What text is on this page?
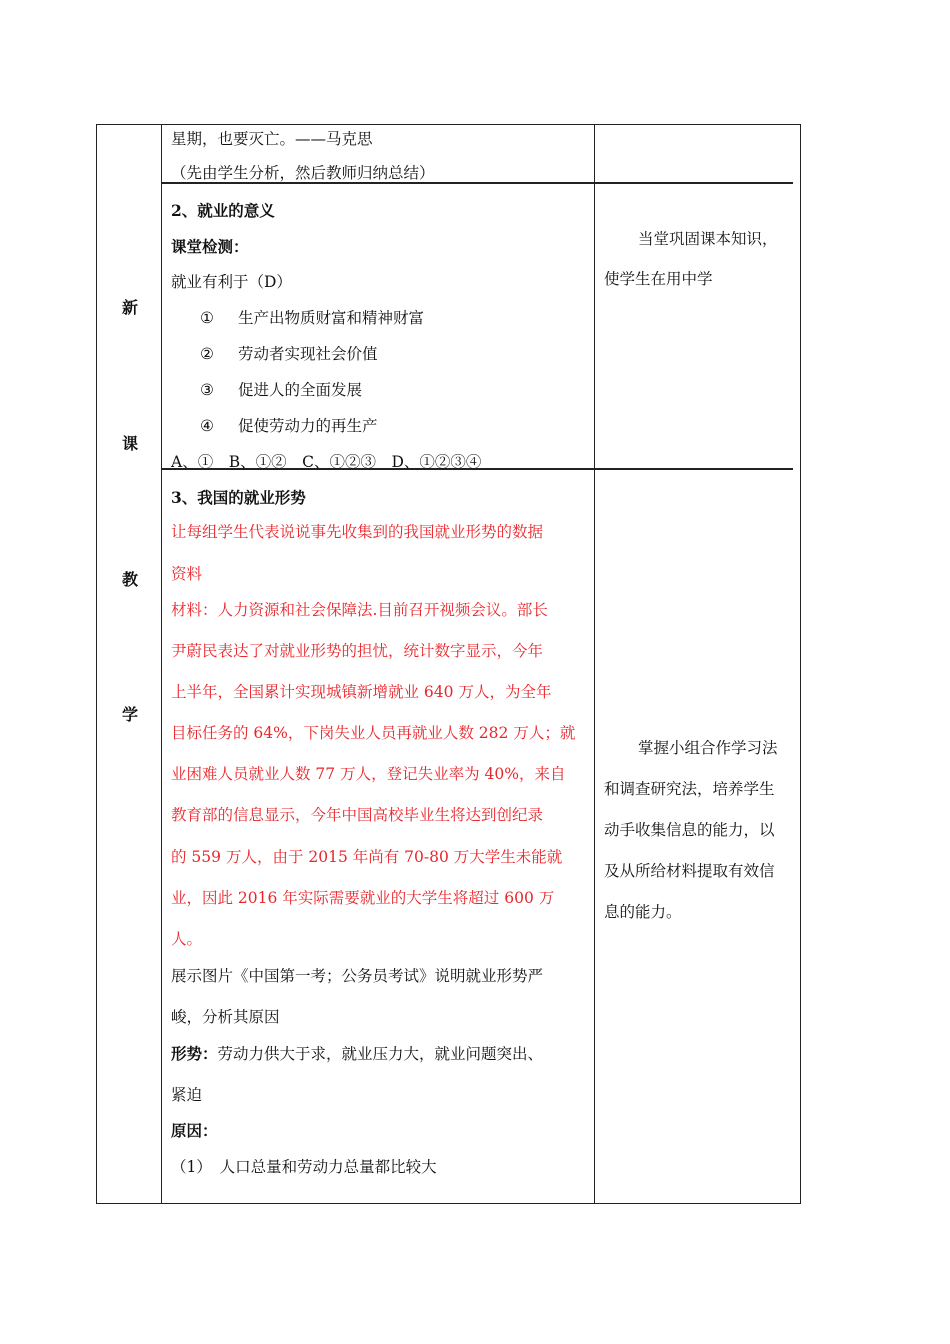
新
课
教
学
星期，也要灭亡。——马克思
（先由学生分析，然后教师归纳总结）
2、就业的意义
课堂检测：
就业有利于（D）
① 生产出物质财富和精神财富
② 劳动者实现社会价值
③ 促进人的全面发展
④ 促使劳动力的再生产
A、①　B、①②　C、①②③　D、①②③④
当堂巩固课本知识，
使学生在用中学
3、我国的就业形势
让每组学生代表说说事先收集到的我国就业形势的数据
资料
材料：人力资源和社会保障法.目前召开视频会议。部长
尹蔚民表达了对就业形势的担忧，统计数字显示，今年
上半年，全国累计实现城镇新增就业 640 万人，为全年
目标任务的 64%，下岗失业人员再就业人数 282 万人；就
业困难人员就业人数 77 万人，登记失业率为 40%，来自
教育部的信息显示，今年中国高校毕业生将达到创纪录
的 559 万人，由于 2015 年尚有 70-80 万大学生未能就
业，因此 2016 年实际需要就业的大学生将超过 600 万
人。
展示图片《中国第一考；公务员考试》说明就业形势严
峻，分析其原因
形势：劳动力供大于求，就业压力大，就业问题突出、
紧迫
原因：
（1）　人口总量和劳动力总量都比较大
掌握小组合作学习法
和调查研究法，培养学生
动手收集信息的能力，以
及从所给材料提取有效信
息的能力。
